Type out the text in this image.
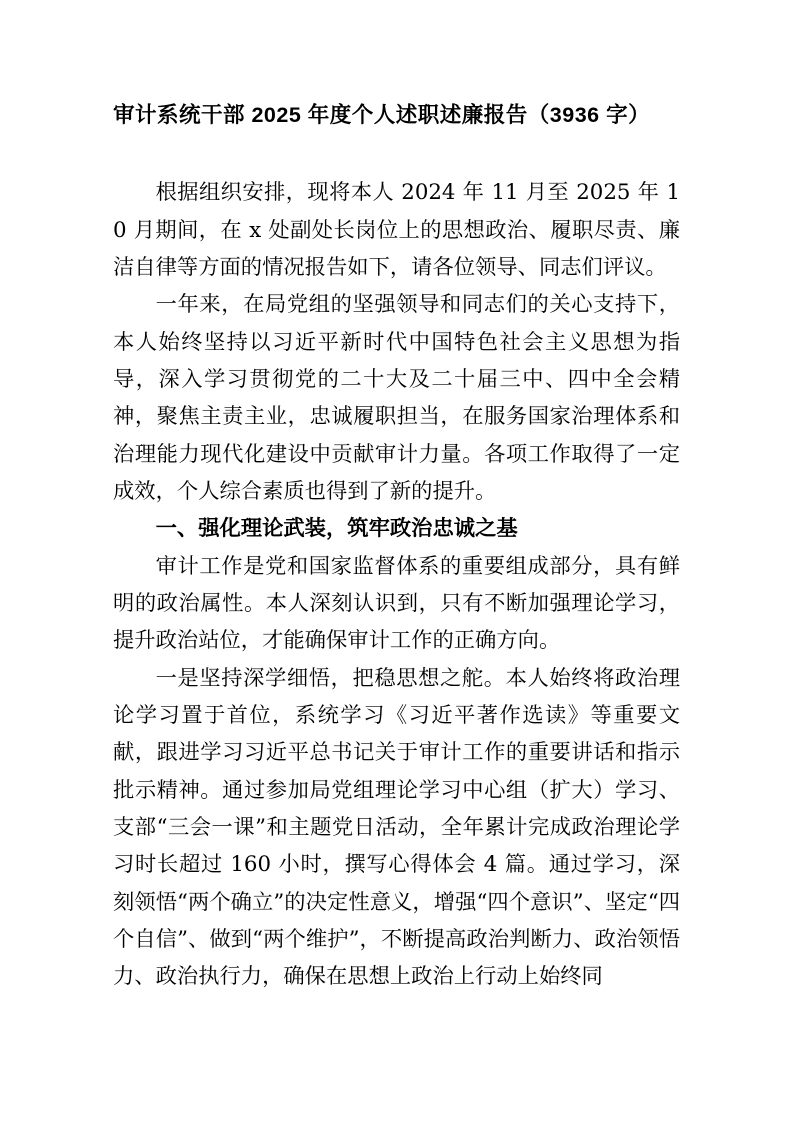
审计系统干部 2025 年度个人述职述廉报告（3936 字）

根据组织安排，现将本人 2024 年 11 月至 2025 年 10 月期间，在 x 处副处长岗位上的思想政治、履职尽责、廉洁自律等方面的情况报告如下，请各位领导、同志们评议。

一年来，在局党组的坚强领导和同志们的关心支持下，本人始终坚持以习近平新时代中国特色社会主义思想为指导，深入学习贯彻党的二十大及二十届三中、四中全会精神，聚焦主责主业，忠诚履职担当，在服务国家治理体系和治理能力现代化建设中贡献审计力量。各项工作取得了一定成效，个人综合素质也得到了新的提升。

一、强化理论武装，筑牢政治忠诚之基

审计工作是党和国家监督体系的重要组成部分，具有鲜明的政治属性。本人深刻认识到，只有不断加强理论学习，提升政治站位，才能确保审计工作的正确方向。

一是坚持深学细悟，把稳思想之舵。本人始终将政治理论学习置于首位，系统学习《习近平著作选读》等重要文献，跟进学习习近平总书记关于审计工作的重要讲话和指示批示精神。通过参加局党组理论学习中心组（扩大）学习、支部“三会一课”和主题党日活动，全年累计完成政治理论学习时长超过 160 小时，撰写心得体会 4 篇。通过学习，深刻领悟“两个确立”的决定性意义，增强“四个意识”、坚定“四个自信”、做到“两个维护”，不断提高政治判断力、政治领悟力、政治执行力，确保在思想上政治上行动上始终同
